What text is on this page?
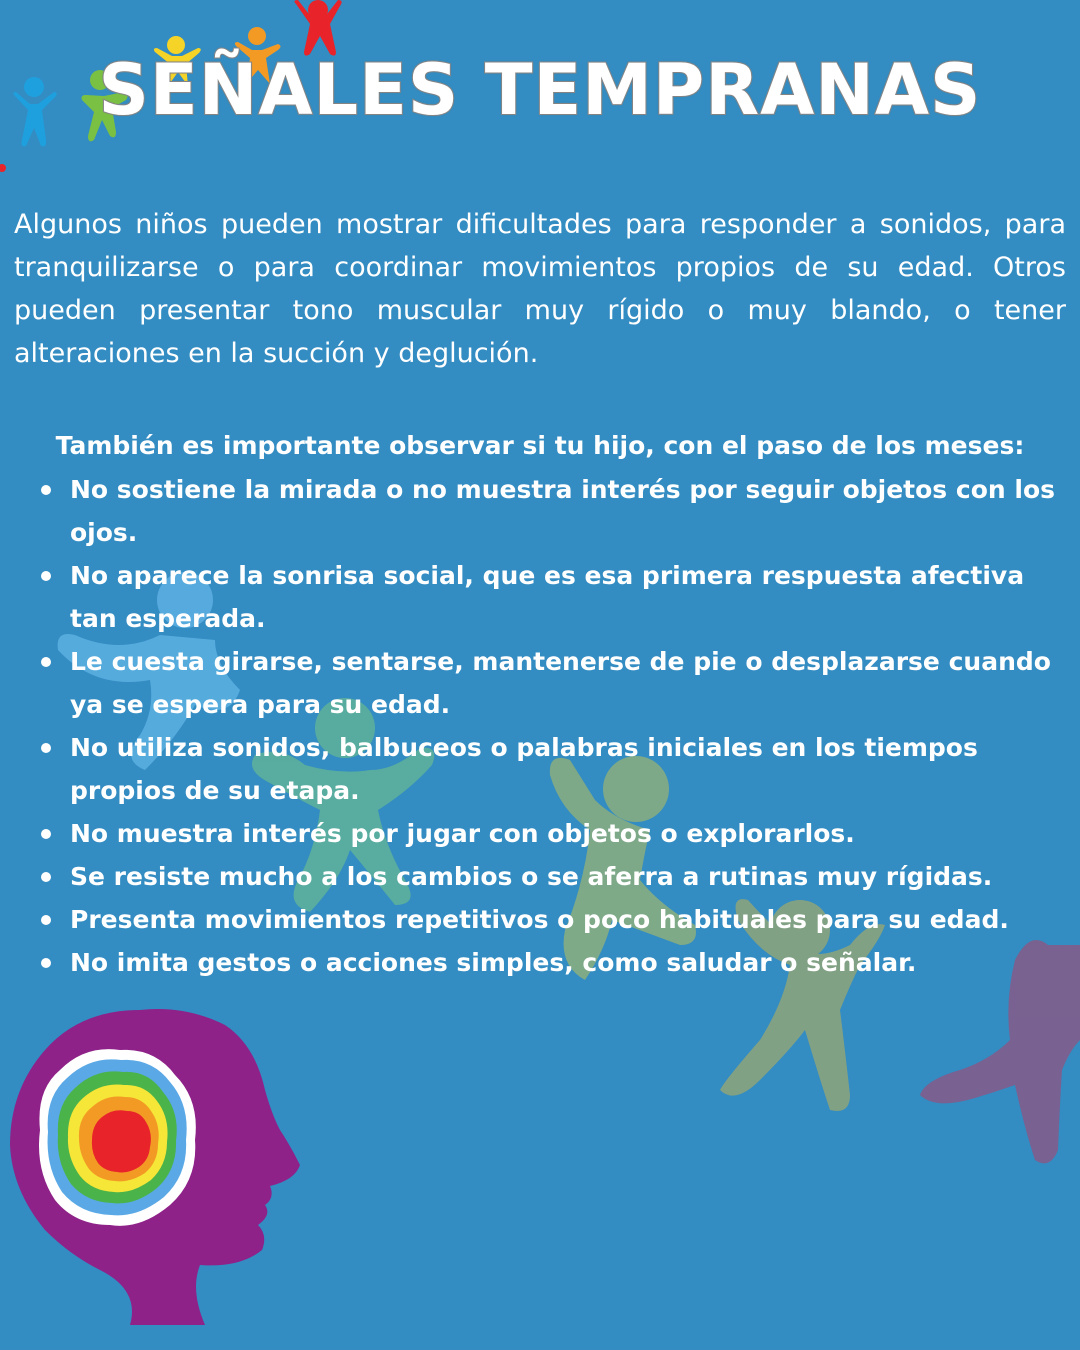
SEÑALES TEMPRANAS

Algunos niños pueden mostrar dificultades para responder a sonidos, para tranquilizarse o para coordinar movimientos propios de su edad. Otros pueden presentar tono muscular muy rígido o muy blando, o tener alteraciones en la succión y deglución.

También es importante observar si tu hijo, con el paso de los meses:

No sostiene la mirada o no muestra interés por seguir objetos con los ojos.
No aparece la sonrisa social, que es esa primera respuesta afectiva tan esperada.
Le cuesta girarse, sentarse, mantenerse de pie o desplazarse cuando ya se espera para su edad.
No utiliza sonidos, balbuceos o palabras iniciales en los tiempos propios de su etapa.
No muestra interés por jugar con objetos o explorarlos.
Se resiste mucho a los cambios o se aferra a rutinas muy rígidas.
Presenta movimientos repetitivos o poco habituales para su edad.
No imita gestos o acciones simples, como saludar o señalar.
